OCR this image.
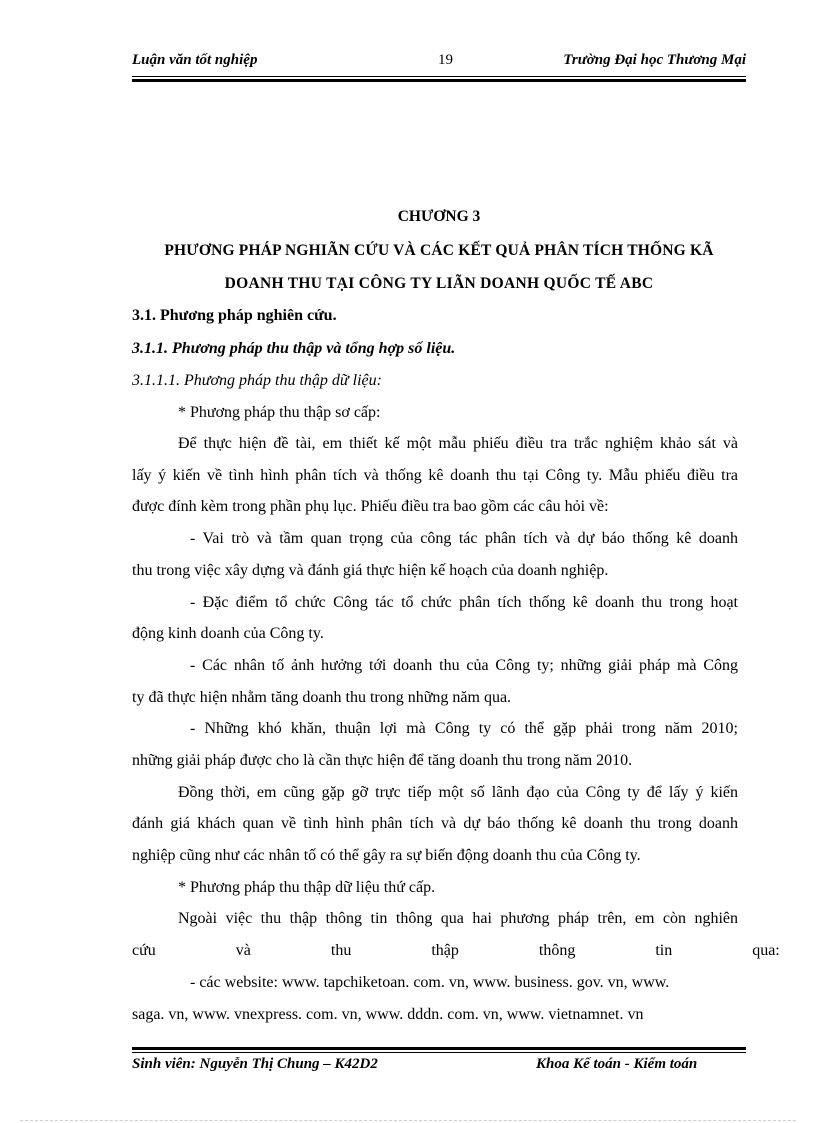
Luận văn tốt nghiệp	19	Trường Đại học Thương Mại
CHƯƠNG 3
PHƯƠNG PHÁP NGHIÃN CỨU VÀ CÁC KẾT QUẢ PHÂN TÍCH THỐNG KÃ
DOANH THU TẠI CÔNG TY LIÃN DOANH QUỐC TẾ ABC
3.1. Phương pháp nghiên cứu.
3.1.1. Phương pháp thu thập và tổng hợp số liệu.
3.1.1.1. Phương pháp thu thập dữ liệu:
* Phương pháp thu thập sơ cấp:
Để thực hiện đề tài, em thiết kế một mẫu phiếu điều tra trắc nghiệm khảo sát và
lấy ý kiến về tình hình phân tích và thống kê doanh thu tại Công ty. Mẫu phiếu điều tra
được đính kèm trong phần phụ lục. Phiếu điều tra bao gồm các câu hỏi về:
- Vai trò và tầm quan trọng của công tác phân tích và dự báo thống kê doanh
thu trong việc xây dựng và đánh giá thực hiện kế hoạch của doanh nghiệp.
- Đặc điểm tổ chức Công tác tổ chức phân tích thống kê doanh thu trong hoạt
động kinh doanh của Công ty.
- Các nhân tố ảnh hưởng tới doanh thu của Công ty; những giải pháp mà Công
ty đã thực hiện nhằm tăng doanh thu trong những năm qua.
- Những khó khăn, thuận lợi mà Công ty có thể gặp phải trong năm 2010;
những giải pháp được cho là cần thực hiện để tăng doanh thu trong năm 2010.
Đồng thời, em cũng gặp gỡ trực tiếp một số lãnh đạo của Công ty để lấy ý kiến
đánh giá khách quan về tình hình phân tích và dự báo thống kê doanh thu trong doanh
nghiệp cũng như các nhân tố có thể gây ra sự biến động doanh thu của Công ty.
* Phương pháp thu thập dữ liệu thứ cấp.
Ngoài việc thu thập thông tin thông qua hai phương pháp trên, em còn nghiên
cứu và thu thập thông tin qua:
- các website: www. tapchiketoan. com. vn, www. business. gov. vn, www.
saga. vn, www. vnexpress. com. vn, www. dddn. com. vn, www. vietnamnet. vn
Sinh viên: Nguyễn Thị Chung – K42D2	Khoa Kế toán - Kiểm toán
